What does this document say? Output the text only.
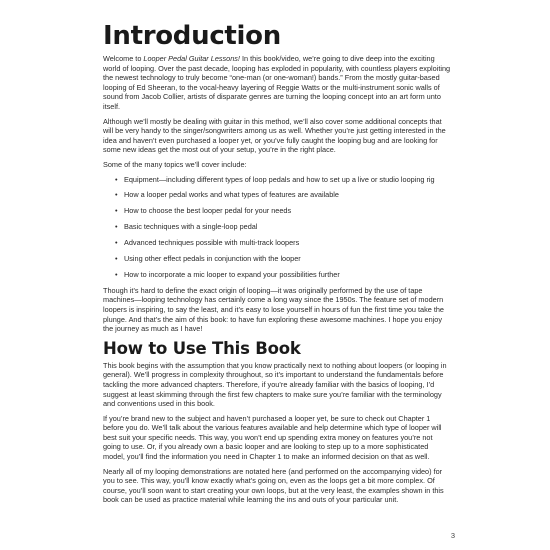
Introduction

Welcome to Looper Pedal Guitar Lessons! In this book/video, we’re going to dive deep into the exciting world of looping. Over the past decade, looping has exploded in popularity, with countless players exploiting the newest technology to truly become “one-man (or one-woman!) bands.” From the mostly guitar-based looping of Ed Sheeran, to the vocal-heavy layering of Reggie Watts or the multi-instrument sonic walls of sound from Jacob Collier, artists of disparate genres are turning the looping concept into an art form unto itself.

Although we’ll mostly be dealing with guitar in this method, we’ll also cover some additional concepts that will be very handy to the singer/songwriters among us as well. Whether you’re just getting interested in the idea and haven’t even purchased a looper yet, or you’ve fully caught the looping bug and are looking for some new ideas get the most out of your setup, you’re in the right place.

Some of the many topics we’ll cover include:

• Equipment—including different types of loop pedals and how to set up a live or studio looping rig
• How a looper pedal works and what types of features are available
• How to choose the best looper pedal for your needs
• Basic techniques with a single-loop pedal
• Advanced techniques possible with multi-track loopers
• Using other effect pedals in conjunction with the looper
• How to incorporate a mic looper to expand your possibilities further

Though it’s hard to define the exact origin of looping—it was originally performed by the use of tape machines—looping technology has certainly come a long way since the 1950s. The feature set of modern loopers is inspiring, to say the least, and it’s easy to lose yourself in hours of fun the first time you take the plunge. And that’s the aim of this book: to have fun exploring these awesome machines. I hope you enjoy the journey as much as I have!

How to Use This Book

This book begins with the assumption that you know practically next to nothing about loopers (or looping in general). We’ll progress in complexity throughout, so it’s important to understand the fundamentals before tackling the more advanced chapters. Therefore, if you’re already familiar with the basics of looping, I’d suggest at least skimming through the first few chapters to make sure you’re familiar with the terminology and conventions used in this book.

If you’re brand new to the subject and haven’t purchased a looper yet, be sure to check out Chapter 1 before you do. We’ll talk about the various features available and help determine which type of looper will best suit your specific needs. This way, you won’t end up spending extra money on features you’re not going to use. Or, if you already own a basic looper and are looking to step up to a more sophisticated model, you’ll find the information you need in Chapter 1 to make an informed decision on that as well.

Nearly all of my looping demonstrations are notated here (and performed on the accompanying video) for you to see. This way, you’ll know exactly what’s going on, even as the loops get a bit more complex. Of course, you’ll soon want to start creating your own loops, but at the very least, the examples shown in this book can be used as practice material while learning the ins and outs of your particular unit.

3
